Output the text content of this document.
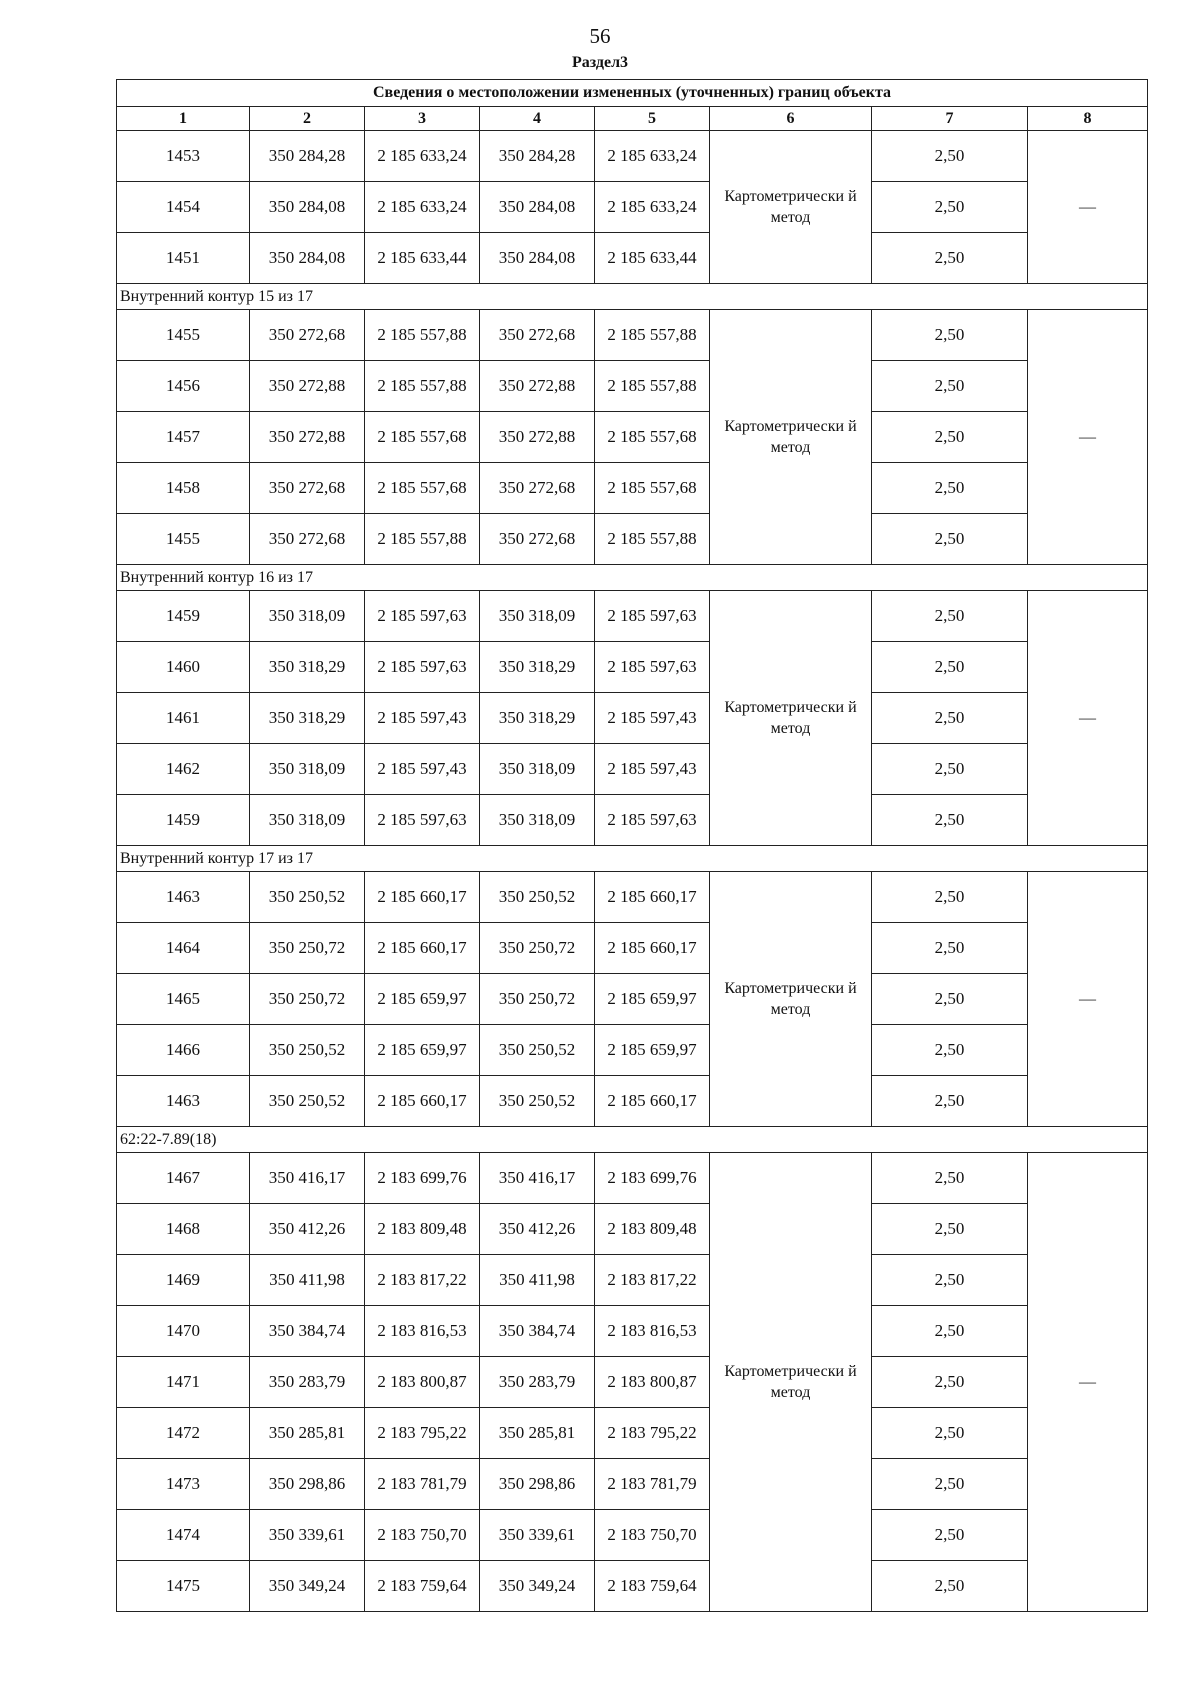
56
Раздел3
Сведения о местоположении измененных (уточненных) границ объекта							
1	2	3	4	5	6	7	8
1453	350 284,28	2 185 633,24	350 284,28	2 185 633,24	Картометрически й метод	2,50	—
1454	350 284,08	2 185 633,24	350 284,08	2 185 633,24		2,50	
1451	350 284,08	2 185 633,44	350 284,08	2 185 633,44		2,50	
Внутренний контур 15 из 17							
1455	350 272,68	2 185 557,88	350 272,68	2 185 557,88	Картометрически й метод	2,50	—
1456	350 272,88	2 185 557,88	350 272,88	2 185 557,88		2,50	
1457	350 272,88	2 185 557,68	350 272,88	2 185 557,68		2,50	
1458	350 272,68	2 185 557,68	350 272,68	2 185 557,68		2,50	
1455	350 272,68	2 185 557,88	350 272,68	2 185 557,88		2,50	
Внутренний контур 16 из 17							
1459	350 318,09	2 185 597,63	350 318,09	2 185 597,63	Картометрически й метод	2,50	—
1460	350 318,29	2 185 597,63	350 318,29	2 185 597,63		2,50	
1461	350 318,29	2 185 597,43	350 318,29	2 185 597,43		2,50	
1462	350 318,09	2 185 597,43	350 318,09	2 185 597,43		2,50	
1459	350 318,09	2 185 597,63	350 318,09	2 185 597,63		2,50	
Внутренний контур 17 из 17							
1463	350 250,52	2 185 660,17	350 250,52	2 185 660,17	Картометрически й метод	2,50	—
1464	350 250,72	2 185 660,17	350 250,72	2 185 660,17		2,50	
1465	350 250,72	2 185 659,97	350 250,72	2 185 659,97		2,50	
1466	350 250,52	2 185 659,97	350 250,52	2 185 659,97		2,50	
1463	350 250,52	2 185 660,17	350 250,52	2 185 660,17		2,50	
62:22-7.89(18)							
1467	350 416,17	2 183 699,76	350 416,17	2 183 699,76	Картометрически й метод	2,50	—
1468	350 412,26	2 183 809,48	350 412,26	2 183 809,48		2,50	
1469	350 411,98	2 183 817,22	350 411,98	2 183 817,22		2,50	
1470	350 384,74	2 183 816,53	350 384,74	2 183 816,53		2,50	
1471	350 283,79	2 183 800,87	350 283,79	2 183 800,87		2,50	
1472	350 285,81	2 183 795,22	350 285,81	2 183 795,22		2,50	
1473	350 298,86	2 183 781,79	350 298,86	2 183 781,79		2,50	
1474	350 339,61	2 183 750,70	350 339,61	2 183 750,70		2,50	
1475	350 349,24	2 183 759,64	350 349,24	2 183 759,64		2,50	
